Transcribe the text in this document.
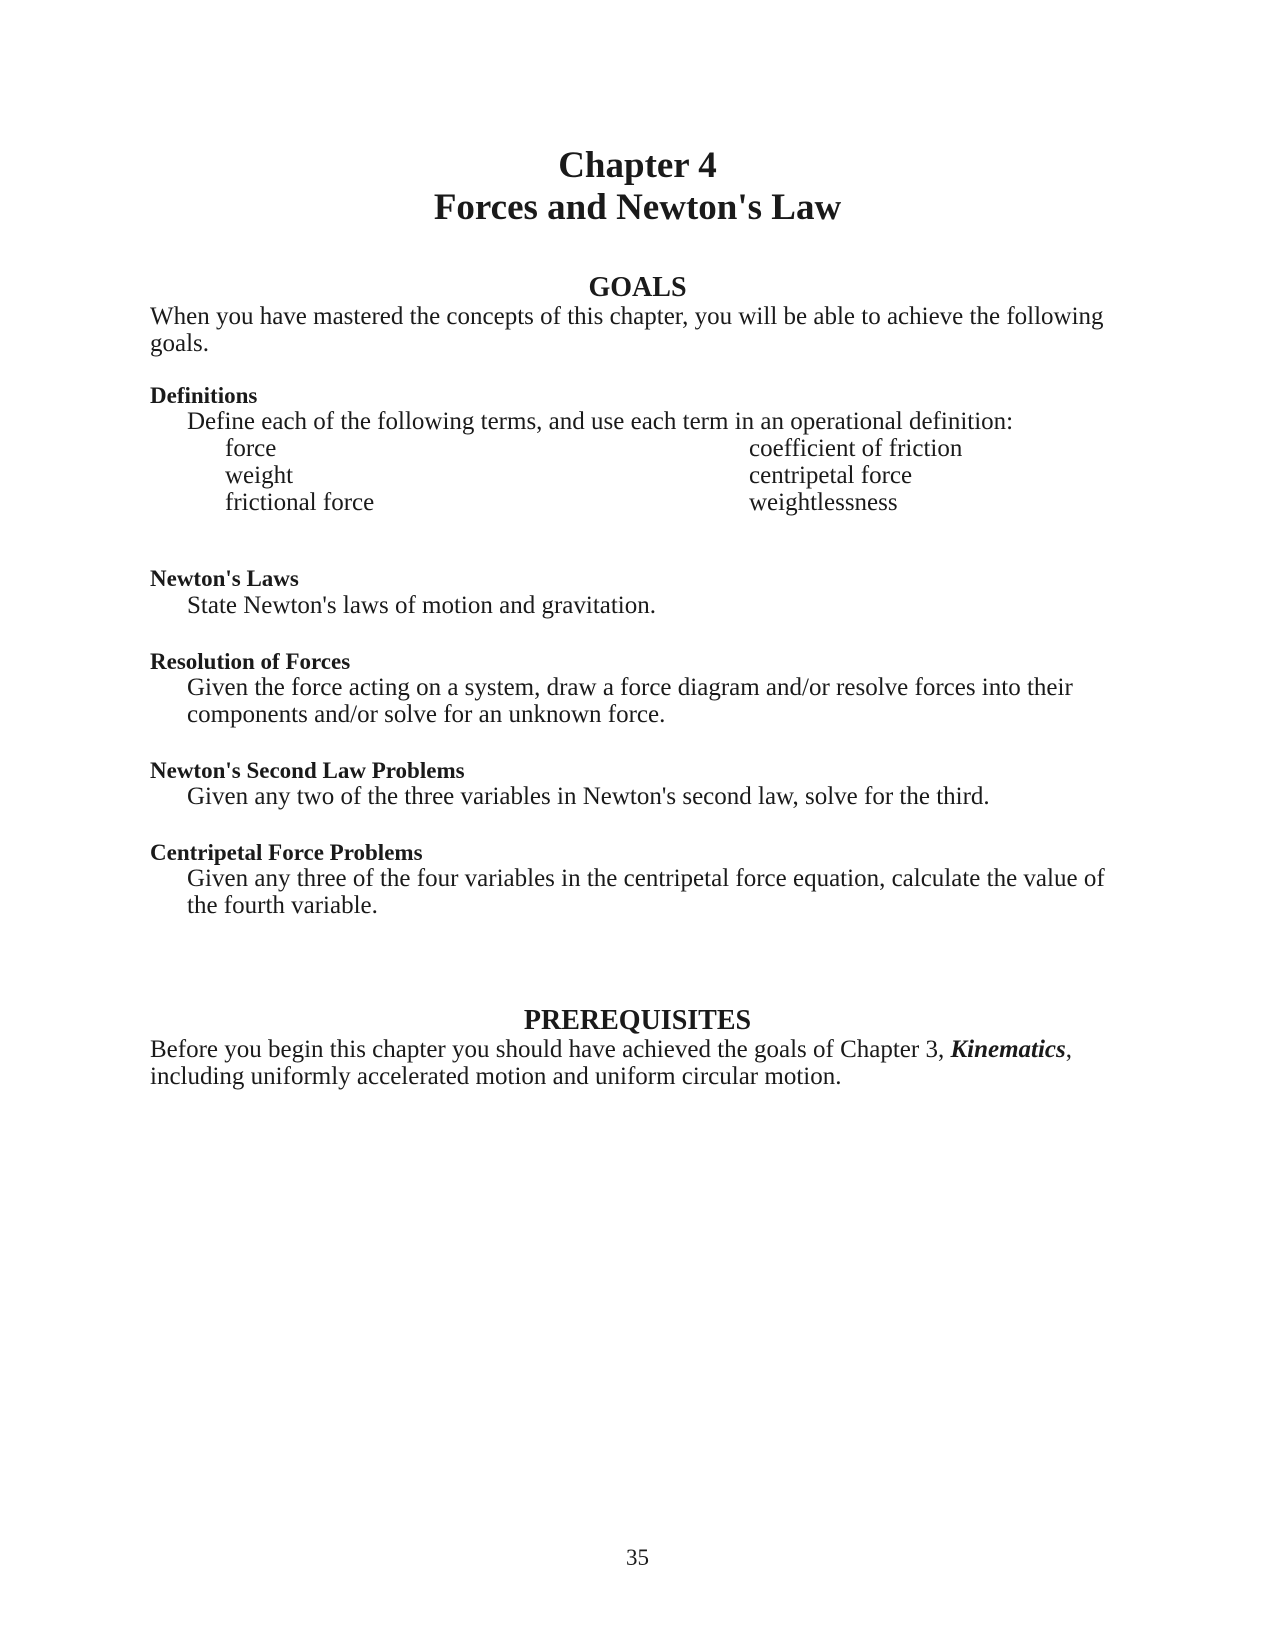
Chapter 4
Forces and Newton's Law
GOALS

When you have mastered the concepts of this chapter, you will be able to achieve the following goals.

Definitions

Define each of the following terms, and use each term in an operational definition:

force
weight
frictional force
coefficient of friction
centripetal force
weightlessness
Newton's Laws

State Newton's laws of motion and gravitation.

Resolution of Forces

Given the force acting on a system, draw a force diagram and/or resolve forces into their components and/or solve for an unknown force.

Newton's Second Law Problems

Given any two of the three variables in Newton's second law, solve for the third.

Centripetal Force Problems

Given any three of the four variables in the centripetal force equation, calculate the value of the fourth variable.

PREREQUISITES

Before you begin this chapter you should have achieved the goals of Chapter 3, Kinematics, including uniformly accelerated motion and uniform circular motion.

35
